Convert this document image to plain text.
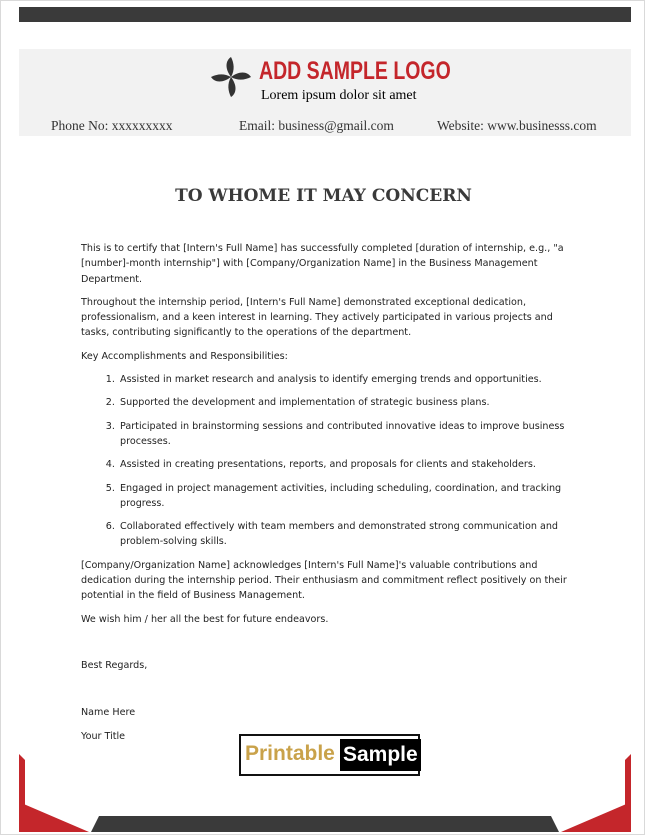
ADD SAMPLE LOGO
Lorem ipsum dolor sit amet
Phone No: xxxxxxxxx	Email: business@gmail.com	Website: www.businesss.com
TO WHOME IT MAY CONCERN

This is to certify that [Intern's Full Name] has successfully completed [duration of internship, e.g., "a [number]-month internship"] with [Company/Organization Name] in the Business Management Department.

Throughout the internship period, [Intern's Full Name] demonstrated exceptional dedication, professionalism, and a keen interest in learning. They actively participated in various projects and tasks, contributing significantly to the operations of the department.

Key Accomplishments and Responsibilities:

1. Assisted in market research and analysis to identify emerging trends and opportunities.
2. Supported the development and implementation of strategic business plans.
3. Participated in brainstorming sessions and contributed innovative ideas to improve business processes.
4. Assisted in creating presentations, reports, and proposals for clients and stakeholders.
5. Engaged in project management activities, including scheduling, coordination, and tracking progress.
6. Collaborated effectively with team members and demonstrated strong communication and problem-solving skills.

[Company/Organization Name] acknowledges [Intern's Full Name]'s valuable contributions and dedication during the internship period. Their enthusiasm and commitment reflect positively on their potential in the field of Business Management.

We wish him / her all the best for future endeavors.

Best Regards,
Name Here
Your Title
Printable Sample
